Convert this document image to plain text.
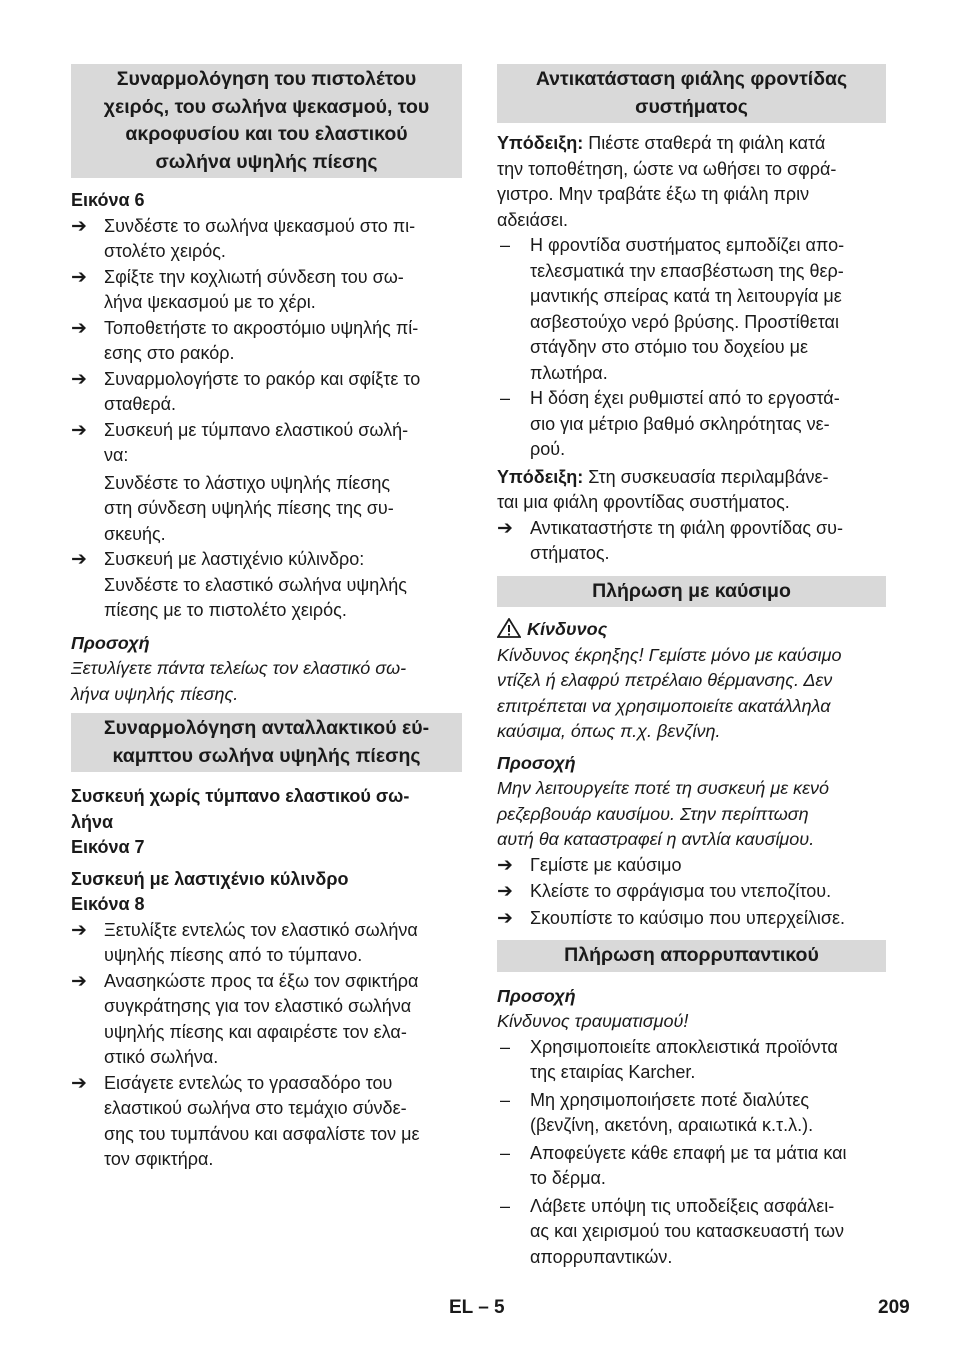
Συναρμολόγηση του πιστολέτου
χειρός, του σωλήνα ψεκασμού, του
ακροφυσίου και του ελαστικού
σωλήνα υψηλής πίεσης
Εικόνα 6
➔ Συνδέστε το σωλήνα ψεκασμού στο πι-
στολέτο χειρός.
➔ Σφίξτε την κοχλιωτή σύνδεση του σω-
λήνα ψεκασμού με το χέρι.
➔ Τοποθετήστε το ακροστόμιο υψηλής πί-
εσης στο ρακόρ.
➔ Συναρμολογήστε το ρακόρ και σφίξτε το
σταθερά.
➔ Συσκευή με τύμπανο ελαστικού σωλή-
να:
Συνδέστε το λάστιχο υψηλής πίεσης
στη σύνδεση υψηλής πίεσης της συ-
σκευής.
➔ Συσκευή με λαστιχένιο κύλινδρο:
Συνδέστε το ελαστικό σωλήνα υψηλής
πίεσης με το πιστολέτο χειρός.
Προσοχή
Ξετυλίγετε πάντα τελείως τον ελαστικό σω-
λήνα υψηλής πίεσης.
Συναρμολόγηση ανταλλακτικού εύ-
καμπτου σωλήνα υψηλής πίεσης
Συσκευή χωρίς τύμπανο ελαστικού σω-
λήνα
Εικόνα 7
Συσκευή με λαστιχένιο κύλινδρο
Εικόνα 8
➔ Ξετυλίξτε εντελώς τον ελαστικό σωλήνα
υψηλής πίεσης από το τύμπανο.
➔ Ανασηκώστε προς τα έξω τον σφικτήρα
συγκράτησης για τον ελαστικό σωλήνα
υψηλής πίεσης και αφαιρέστε τον ελα-
στικό σωλήνα.
➔ Εισάγετε εντελώς το γρασαδόρο του
ελαστικού σωλήνα στο τεμάχιο σύνδε-
σης του τυμπάνου και ασφαλίστε τον με
τον σφικτήρα.
Αντικατάσταση φιάλης φροντίδας
συστήματος
Υπόδειξη: Πιέστε σταθερά τη φιάλη κατά
την τοποθέτηση, ώστε να ωθήσει το σφρά-
γιστρο. Μην τραβάτε έξω τη φιάλη πριν
αδειάσει.
–	Η φροντίδα συστήματος εμποδίζει απο-
τελεσματικά την επασβέστωση της θερ-
μαντικής σπείρας κατά τη λειτουργία με
ασβεστούχο νερό βρύσης. Προστίθεται
στάγδην στο στόμιο του δοχείου με
πλωτήρα.
–	Η δόση έχει ρυθμιστεί από το εργοστά-
σιο για μέτριο βαθμό σκληρότητας νε-
ρού.
Υπόδειξη: Στη συσκευασία περιλαμβάνε-
ται μια φιάλη φροντίδας συστήματος.
➔ Αντικαταστήστε τη φιάλη φροντίδας συ-
στήματος.
Πλήρωση με καύσιμο
Κίνδυνος
Κίνδυνος έκρηξης! Γεμίστε μόνο με καύσιμο
ντίζελ ή ελαφρύ πετρέλαιο θέρμανσης. Δεν
επιτρέπεται να χρησιμοποιείτε ακατάλληλα
καύσιμα, όπως π.χ. βενζίνη.
Προσοχή
Μην λειτουργείτε ποτέ τη συσκευή με κενό
ρεζερβουάρ καυσίμου. Στην περίπτωση
αυτή θα καταστραφεί η αντλία καυσίμου.
➔ Γεμίστε με καύσιμο
➔ Κλείστε το σφράγισμα του ντεποζίτου.
➔ Σκουπίστε το καύσιμο που υπερχείλισε.
Πλήρωση απορρυπαντικού
Προσοχή
Κίνδυνος τραυματισμού!
–	Χρησιμοποιείτε αποκλειστικά προϊόντα
της εταιρίας Karcher.
–	Μη χρησιμοποιήσετε ποτέ διαλύτες
(βενζίνη, ακετόνη, αραιωτικά κ.τ.λ.).
–	Αποφεύγετε κάθε επαφή με τα μάτια και
το δέρμα.
–	Λάβετε υπόψη τις υποδείξεις ασφάλει-
ας και χειρισμού του κατασκευαστή των
απορρυπαντικών.
EL – 5	209
